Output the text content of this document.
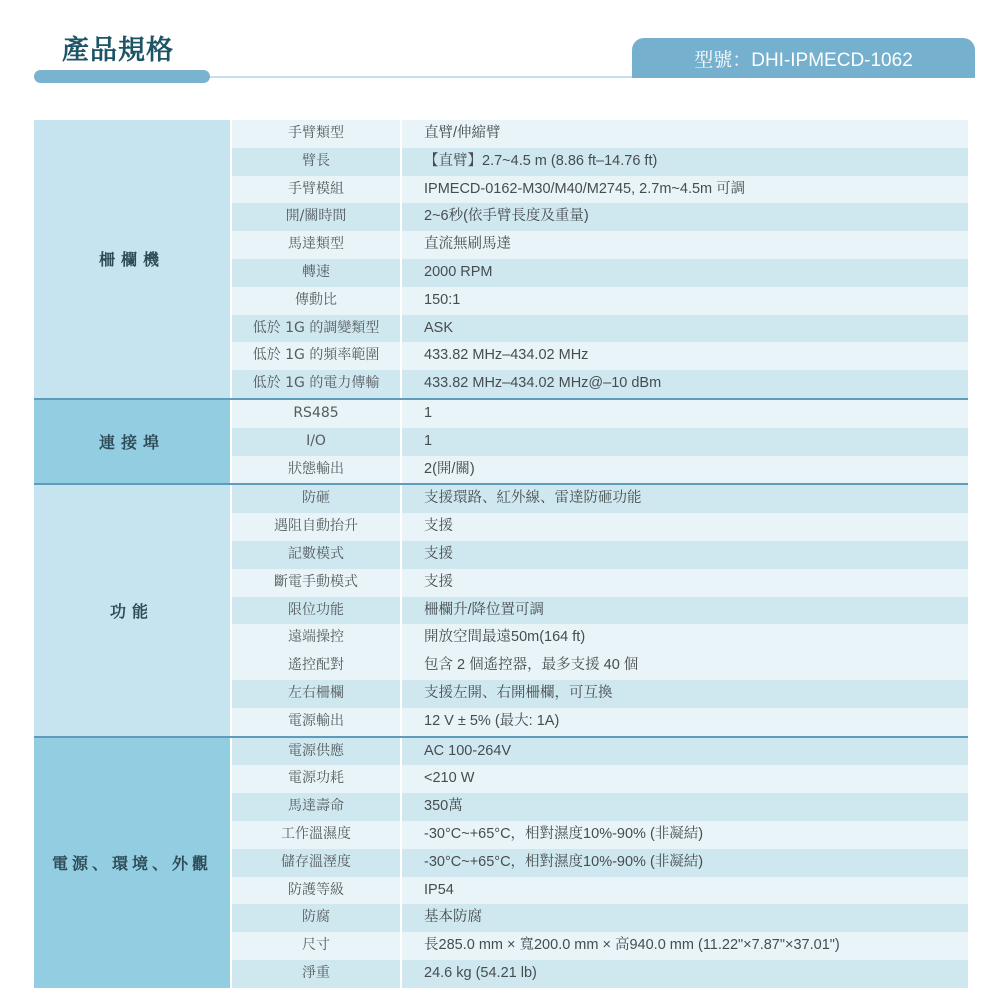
產品規格	型號：DHI-IPMECD-1062
柵欄機
手臂類型	直臂/伸縮臂
臂長	【直臂】2.7~4.5 m (8.86 ft–14.76 ft)
手臂模組	IPMECD-0162-M30/M40/M2745, 2.7m~4.5m 可調
開/關時間	2~6秒(依手臂長度及重量)
馬達類型	直流無刷馬達
轉速	2000 RPM
傳動比	150:1
低於 1G 的調變類型	ASK
低於 1G 的頻率範圍	433.82 MHz–434.02 MHz
低於 1G 的電力傳輸	433.82 MHz–434.02 MHz@–10 dBm
連接埠
RS485	1
I/O	1
狀態輸出	2(開/關)
功能
防砸	支援環路、紅外線、雷達防砸功能
遇阻自動抬升	支援
記數模式	支援
斷電手動模式	支援
限位功能	柵欄升/降位置可調
遠端操控	開放空間最遠50m(164 ft)
遙控配對	包含 2 個遙控器，最多支援 40 個
左右柵欄	支援左開、右開柵欄，可互換
電源輸出	12 V ± 5% (最大: 1A)
電源、環境、外觀
電源供應	AC 100-264V
電源功耗	<210 W
馬達壽命	350萬
工作溫濕度	-30°C~+65°C，相對濕度10%-90% (非凝結)
儲存溫溼度	-30°C~+65°C，相對濕度10%-90% (非凝結)
防護等級	IP54
防腐	基本防腐
尺寸	長285.0 mm × 寬200.0 mm × 高940.0 mm (11.22"×7.87"×37.01")
淨重	24.6 kg (54.21 lb)
